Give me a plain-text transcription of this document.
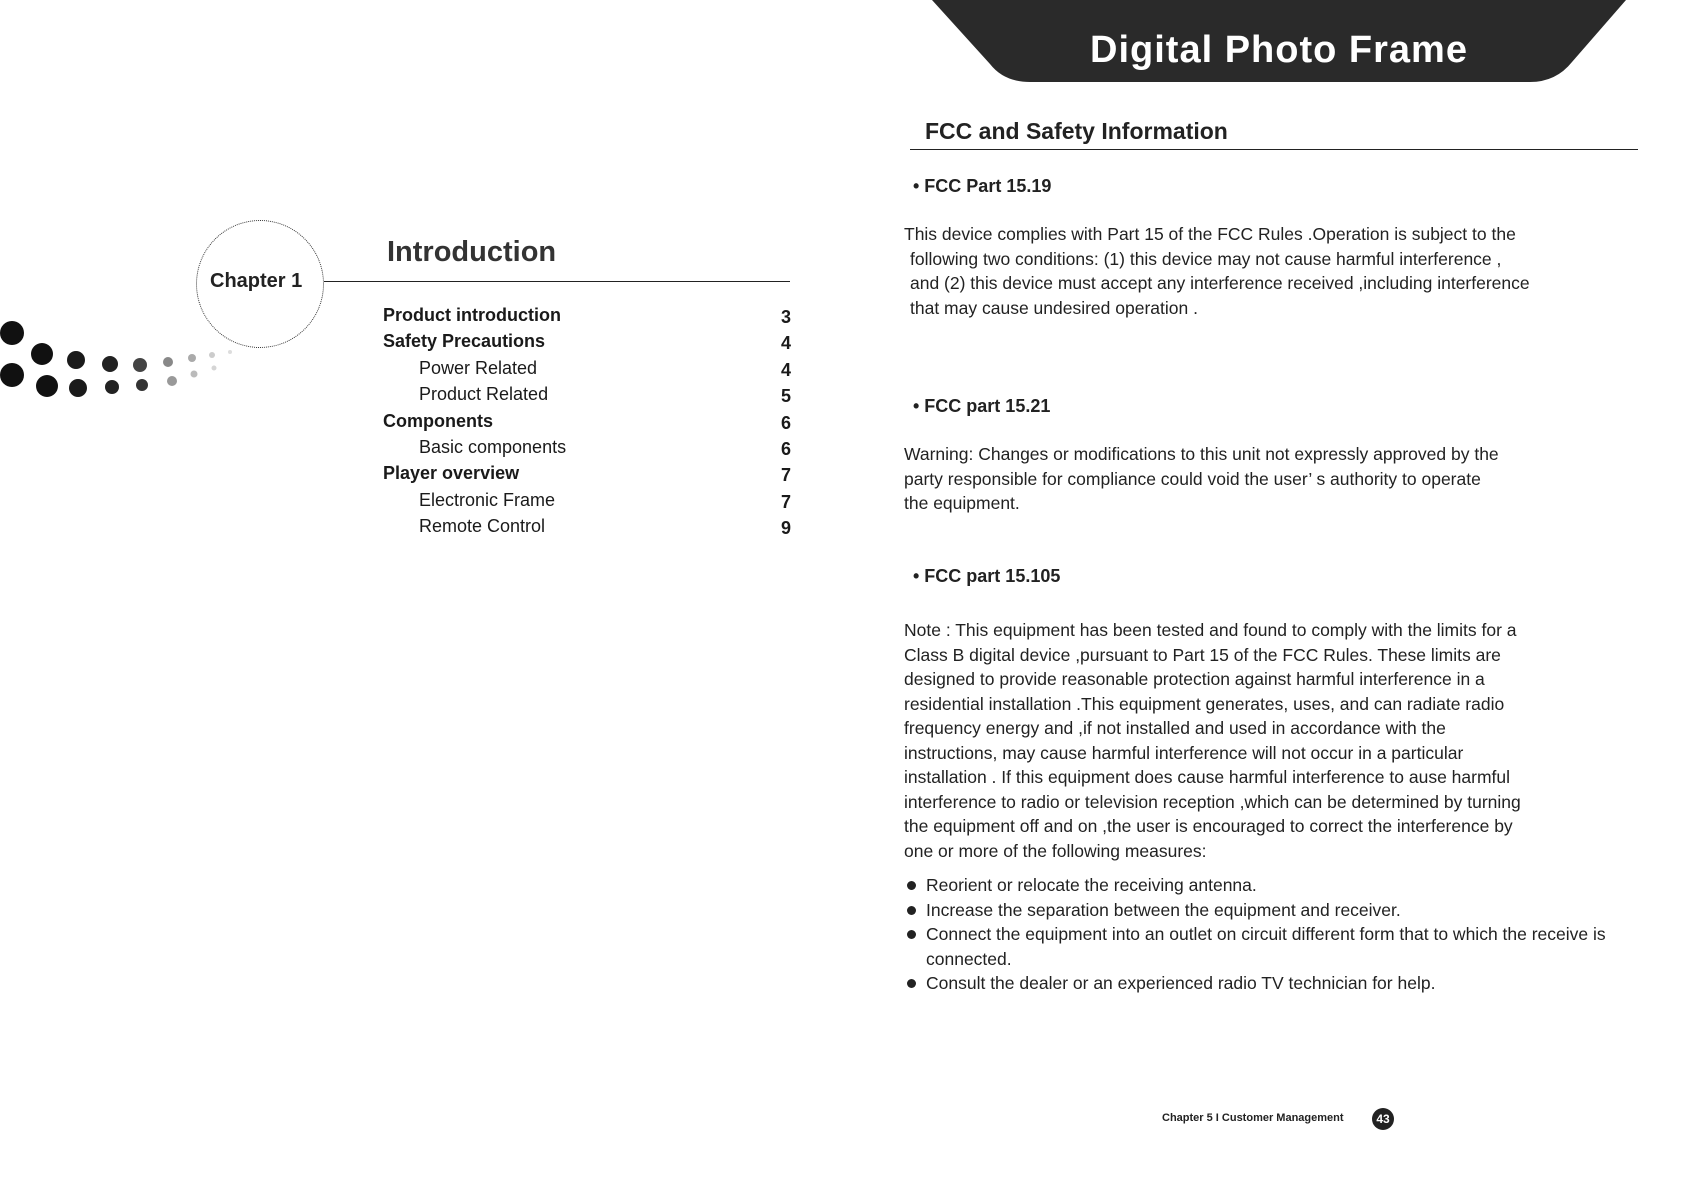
Chapter 1
Introduction
Product introduction	3
Safety Precautions	4
Power Related	4
Product Related	5
Components	6
Basic components	6
Player overview	7
Electronic Frame	7
Remote Control	9
Digital Photo Frame
FCC and Safety Information
• FCC Part 15.19
This device complies with Part 15 of the FCC Rules .Operation is subject to the
following two conditions: (1) this device may not cause harmful interference ,
and (2) this device must accept any interference received ,including interference
that may cause undesired operation .
• FCC part 15.21
Warning: Changes or modifications to this unit not expressly approved by the
party responsible for compliance could void the user’ s authority to operate
the equipment.
• FCC part 15.105
Note : This equipment has been tested and found to comply with the limits for a
Class B digital device ,pursuant to Part 15 of the FCC Rules. These limits are
designed to provide reasonable protection against harmful interference in a
residential installation .This equipment generates, uses, and can radiate radio
frequency energy and ,if not installed and used in accordance with the
instructions, may cause harmful interference will not occur in a particular
installation . If this equipment does cause harmful interference to ause harmful
interference to radio or television reception ,which can be determined by turning
the equipment off and on ,the user is encouraged to correct the interference by
one or more of the following measures:
Reorient or relocate the receiving antenna.
Increase the separation between the equipment and receiver.
Connect the equipment into an outlet on circuit different form that to which the receive is connected.
Consult the dealer or an experienced radio TV technician for help.
Chapter 5 I Customer Management	43
